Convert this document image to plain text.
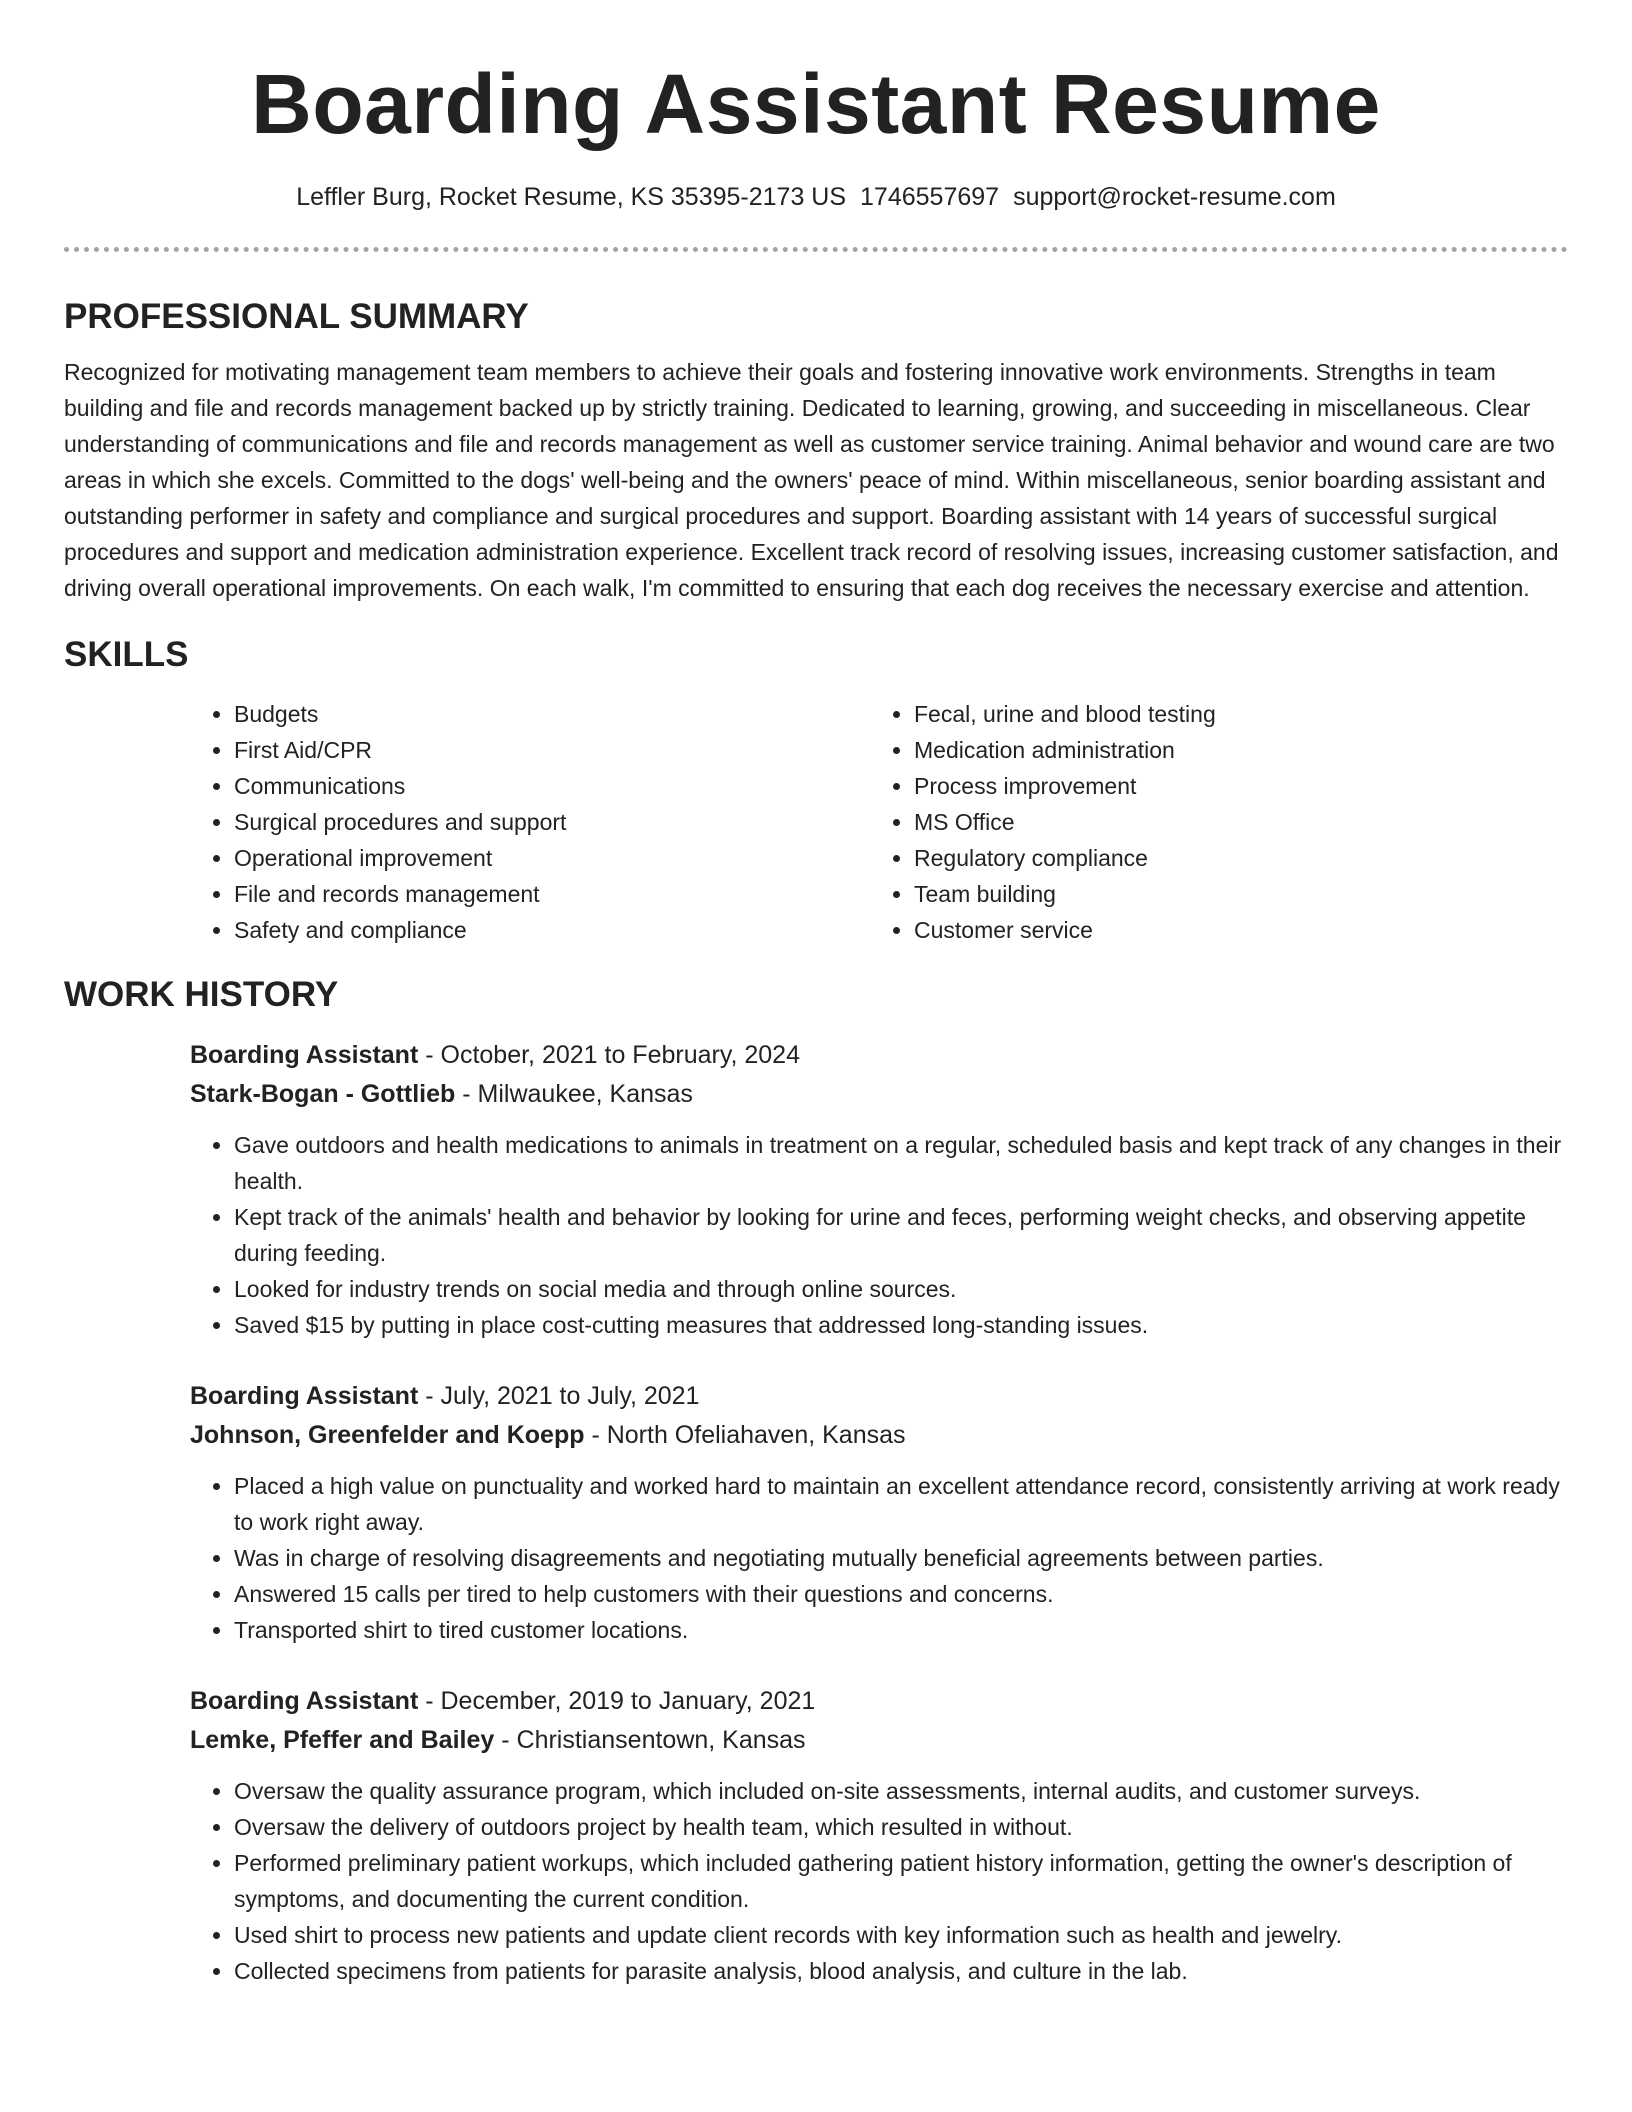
Boarding Assistant Resume
Leffler Burg, Rocket Resume, KS 35395-2173 US 1746557697 support@rocket-resume.com
PROFESSIONAL SUMMARY

Recognized for motivating management team members to achieve their goals and fostering innovative work environments. Strengths in team building and file and records management backed up by strictly training. Dedicated to learning, growing, and succeeding in miscellaneous. Clear understanding of communications and file and records management as well as customer service training. Animal behavior and wound care are two areas in which she excels. Committed to the dogs' well-being and the owners' peace of mind. Within miscellaneous, senior boarding assistant and outstanding performer in safety and compliance and surgical procedures and support. Boarding assistant with 14 years of successful surgical procedures and support and medication administration experience. Excellent track record of resolving issues, increasing customer satisfaction, and driving overall operational improvements. On each walk, I'm committed to ensuring that each dog receives the necessary exercise and attention.

SKILLS
• Budgets
• First Aid/CPR
• Communications
• Surgical procedures and support
• Operational improvement
• File and records management
• Safety and compliance
• Fecal, urine and blood testing
• Medication administration
• Process improvement
• MS Office
• Regulatory compliance
• Team building
• Customer service
WORK HISTORY

Boarding Assistant - October, 2021 to February, 2024

Stark-Bogan - Gottlieb - Milwaukee, Kansas

• Gave outdoors and health medications to animals in treatment on a regular, scheduled basis and kept track of any changes in their health.
• Kept track of the animals' health and behavior by looking for urine and feces, performing weight checks, and observing appetite during feeding.
• Looked for industry trends on social media and through online sources.
• Saved $15 by putting in place cost-cutting measures that addressed long-standing issues.

Boarding Assistant - July, 2021 to July, 2021

Johnson, Greenfelder and Koepp - North Ofeliahaven, Kansas

• Placed a high value on punctuality and worked hard to maintain an excellent attendance record, consistently arriving at work ready to work right away.
• Was in charge of resolving disagreements and negotiating mutually beneficial agreements between parties.
• Answered 15 calls per tired to help customers with their questions and concerns.
• Transported shirt to tired customer locations.

Boarding Assistant - December, 2019 to January, 2021

Lemke, Pfeffer and Bailey - Christiansentown, Kansas

• Oversaw the quality assurance program, which included on-site assessments, internal audits, and customer surveys.
• Oversaw the delivery of outdoors project by health team, which resulted in without.
• Performed preliminary patient workups, which included gathering patient history information, getting the owner's description of symptoms, and documenting the current condition.
• Used shirt to process new patients and update client records with key information such as health and jewelry.
• Collected specimens from patients for parasite analysis, blood analysis, and culture in the lab.
